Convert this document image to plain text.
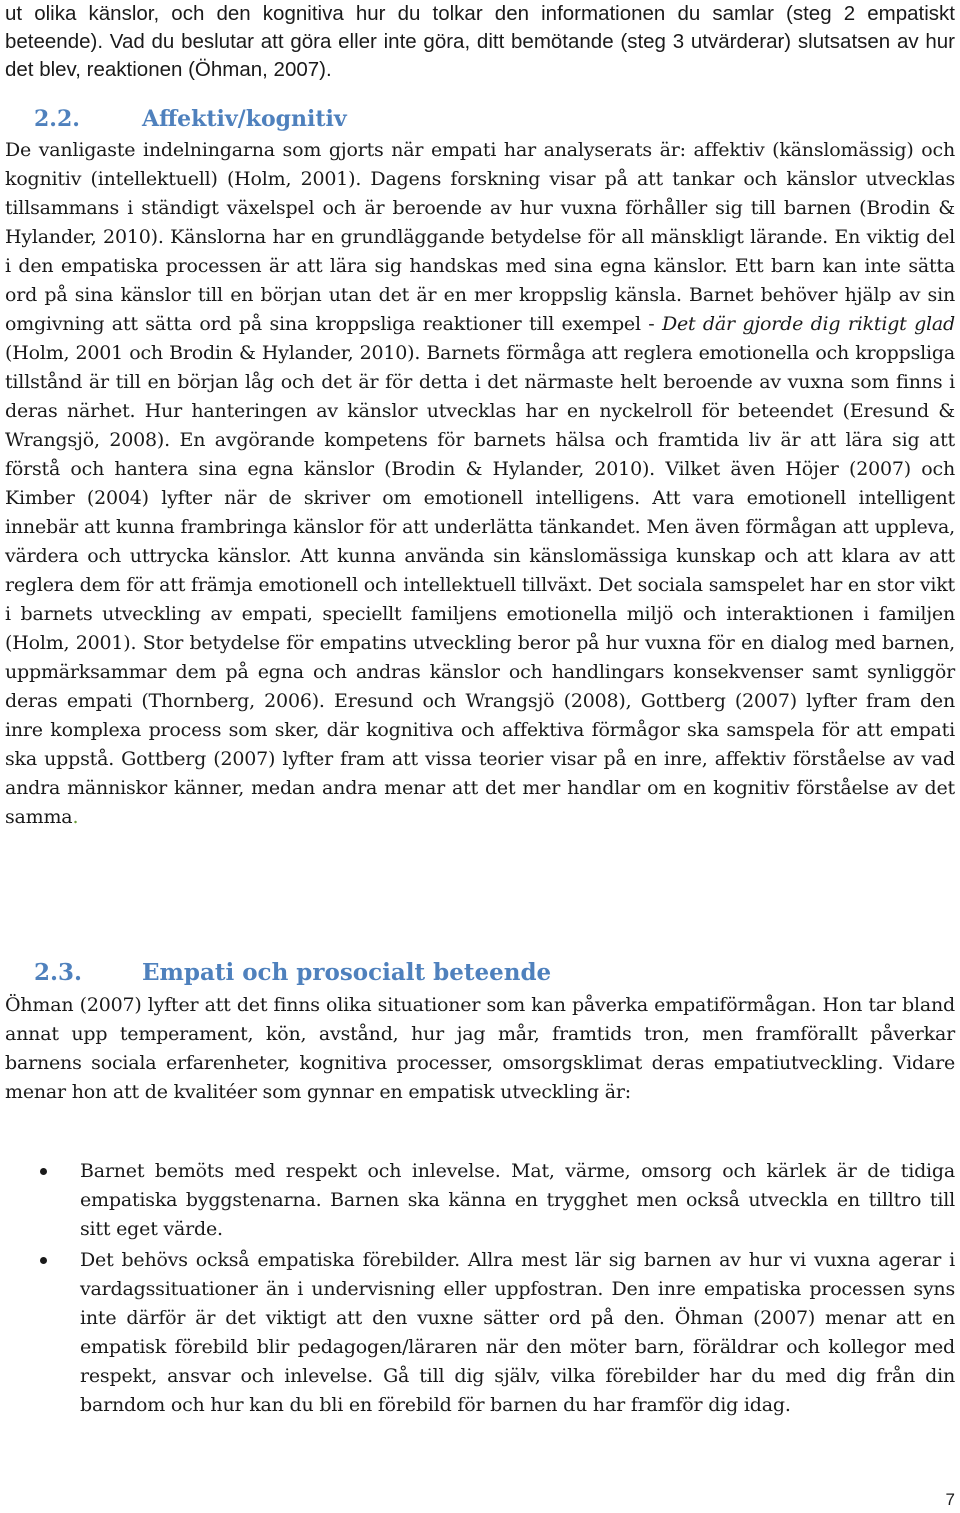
ut olika känslor, och den kognitiva hur du tolkar den informationen du samlar (steg 2 empatiskt beteende). Vad du beslutar att göra eller inte göra, ditt bemötande (steg 3 utvärderar) slutsatsen av hur det blev, reaktionen (Öhman, 2007).

2.2.	Affektiv/kognitiv

De vanligaste indelningarna som gjorts när empati har analyserats är: affektiv (känslomässig) och kognitiv (intellektuell) (Holm, 2001). Dagens forskning visar på att tankar och känslor utvecklas tillsammans i ständigt växelspel och är beroende av hur vuxna förhåller sig till barnen (Brodin & Hylander, 2010). Känslorna har en grundläggande betydelse för all mänskligt lärande. En viktig del i den empatiska processen är att lära sig handskas med sina egna känslor. Ett barn kan inte sätta ord på sina känslor till en början utan det är en mer kroppslig känsla. Barnet behöver hjälp av sin omgivning att sätta ord på sina kroppsliga reaktioner till exempel - Det där gjorde dig riktigt glad (Holm, 2001 och Brodin & Hylander, 2010). Barnets förmåga att reglera emotionella och kroppsliga tillstånd är till en början låg och det är för detta i det närmaste helt beroende av vuxna som finns i deras närhet. Hur hanteringen av känslor utvecklas har en nyckelroll för beteendet (Eresund & Wrangsjö, 2008). En avgörande kompetens för barnets hälsa och framtida liv är att lära sig att förstå och hantera sina egna känslor (Brodin & Hylander, 2010). Vilket även Höjer (2007) och Kimber (2004) lyfter när de skriver om emotionell intelligens. Att vara emotionell intelligent innebär att kunna frambringa känslor för att underlätta tänkandet. Men även förmågan att uppleva, värdera och uttrycka känslor. Att kunna använda sin känslomässiga kunskap och att klara av att reglera dem för att främja emotionell och intellektuell tillväxt. Det sociala samspelet har en stor vikt i barnets utveckling av empati, speciellt familjens emotionella miljö och interaktionen i familjen (Holm, 2001). Stor betydelse för empatins utveckling beror på hur vuxna för en dialog med barnen, uppmärksammar dem på egna och andras känslor och handlingars konsekvenser samt synliggör deras empati (Thornberg, 2006). Eresund och Wrangsjö (2008), Gottberg (2007) lyfter fram den inre komplexa process som sker, där kognitiva och affektiva förmågor ska samspela för att empati ska uppstå. Gottberg (2007) lyfter fram att vissa teorier visar på en inre, affektiv förståelse av vad andra människor känner, medan andra menar att det mer handlar om en kognitiv förståelse av det samma.

2.3.	Empati och prosocialt beteende

Öhman (2007) lyfter att det finns olika situationer som kan påverka empatiförmågan. Hon tar bland annat upp temperament, kön, avstånd, hur jag mår, framtids tron, men framförallt påverkar barnens sociala erfarenheter, kognitiva processer, omsorgsklimat deras empatiutveckling. Vidare menar hon att de kvalitéer som gynnar en empatisk utveckling är:

Barnet bemöts med respekt och inlevelse. Mat, värme, omsorg och kärlek är de tidiga empatiska byggstenarna. Barnen ska känna en trygghet men också utveckla en tilltro till sitt eget värde.
Det behövs också empatiska förebilder. Allra mest lär sig barnen av hur vi vuxna agerar i vardagssituationer än i undervisning eller uppfostran. Den inre empatiska processen syns inte därför är det viktigt att den vuxne sätter ord på den. Öhman (2007) menar att en empatisk förebild blir pedagogen/läraren när den möter barn, föräldrar och kollegor med respekt, ansvar och inlevelse. Gå till dig själv, vilka förebilder har du med dig från din barndom och hur kan du bli en förebild för barnen du har framför dig idag.
7
